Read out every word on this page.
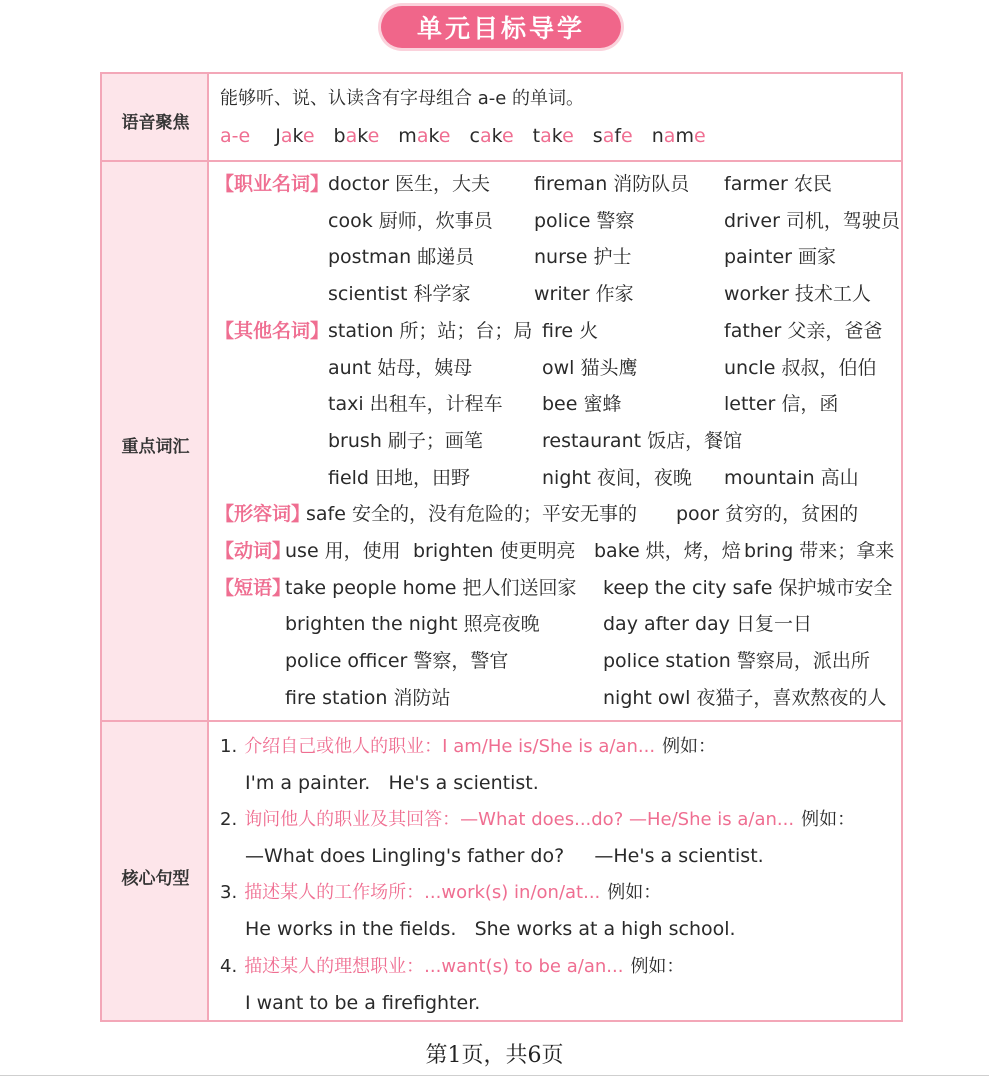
单元目标导学
语音聚焦
能够听、说、认读含有字母组合 a-e 的单词。
a-e Jake bake make cake take safe name
重点词汇
【职业名词】
doctor 医生，大夫 fireman 消防队员 farmer 农民
cook 厨师，炊事员 police 警察	driver 司机，驾驶员
postman 邮递员	nurse 护士	painter 画家
scientist 科学家	writer 作家	worker 技术工人
【其他名词】
station 所；站；台；局 fire 火	father 父亲，爸爸
aunt 姑母，姨母	owl 猫头鹰	uncle 叔叔，伯伯
taxi 出租车，计程车 bee 蜜蜂	letter 信，函
brush 刷子；画笔	restaurant 饭店，餐馆
field 田地，田野	night 夜间，夜晚 mountain 高山
【形容词】
safe 安全的，没有危险的；平安无事的 poor 贫穷的，贫困的
【动词】
use 用，使用 brighten 使更明亮 bake 烘，烤，焙 bring 带来；拿来
【短语】
take people home 把人们送回家 keep the city safe 保护城市安全
brighten the night 照亮夜晚	day after day 日复一日
police officer 警察，警官	police station 警察局，派出所
fire station 消防站	night owl 夜猫子，喜欢熬夜的人
核心句型
1. 介绍自己或他人的职业：I am/He is/She is a/an... 例如：
I'm a painter.   He's a scientist.
2. 询问他人的职业及其回答：—What does...do? —He/She is a/an... 例如：
—What does Lingling's father do?     —He's a scientist.
3. 描述某人的工作场所：...work(s) in/on/at... 例如：
He works in the fields.   She works at a high school.
4. 描述某人的理想职业：...want(s) to be a/an... 例如：
I want to be a firefighter.
第1页，共6页
